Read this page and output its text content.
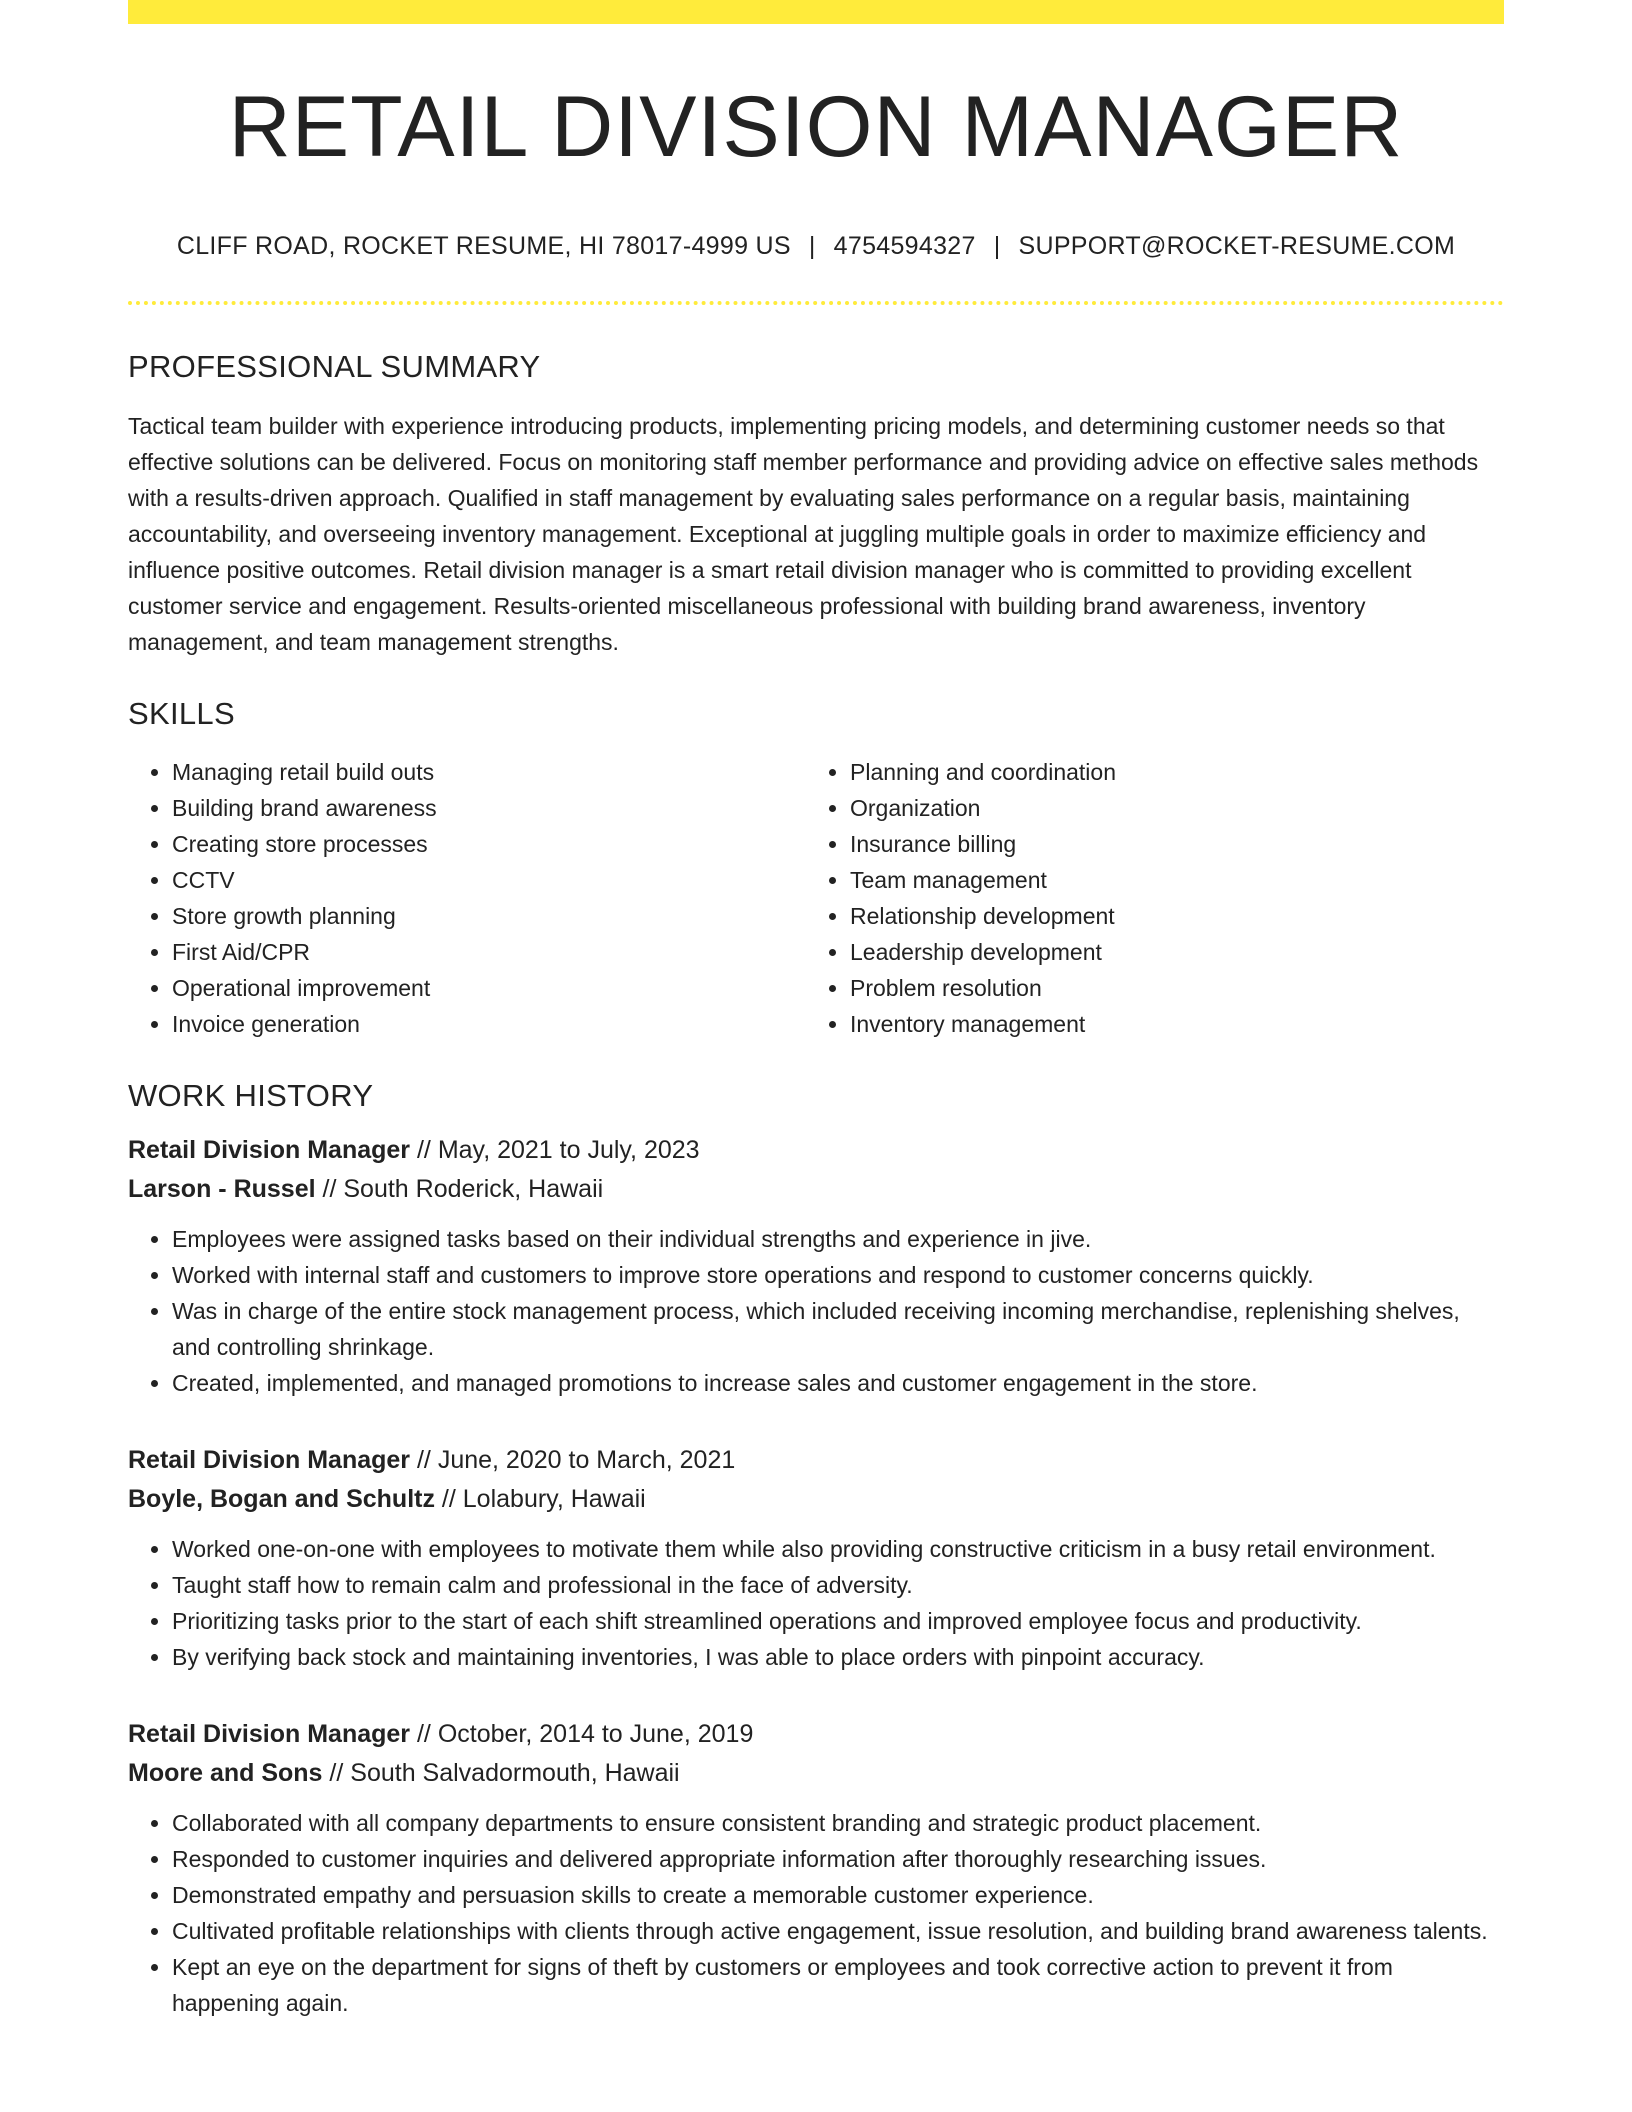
RETAIL DIVISION MANAGER
CLIFF ROAD, ROCKET RESUME, HI 78017-4999 US | 4754594327 | SUPPORT@ROCKET-RESUME.COM
PROFESSIONAL SUMMARY

Tactical team builder with experience introducing products, implementing pricing models, and determining customer needs so that effective solutions can be delivered. Focus on monitoring staff member performance and providing advice on effective sales methods with a results-driven approach. Qualified in staff management by evaluating sales performance on a regular basis, maintaining accountability, and overseeing inventory management. Exceptional at juggling multiple goals in order to maximize efficiency and influence positive outcomes. Retail division manager is a smart retail division manager who is committed to providing excellent customer service and engagement. Results-oriented miscellaneous professional with building brand awareness, inventory management, and team management strengths.

SKILLS
• Managing retail build outs
• Building brand awareness
• Creating store processes
• CCTV
• Store growth planning
• First Aid/CPR
• Operational improvement
• Invoice generation
• Planning and coordination
• Organization
• Insurance billing
• Team management
• Relationship development
• Leadership development
• Problem resolution
• Inventory management
WORK HISTORY
Retail Division Manager // May, 2021 to July, 2023
Larson - Russel // South Roderick, Hawaii
• Employees were assigned tasks based on their individual strengths and experience in jive.
• Worked with internal staff and customers to improve store operations and respond to customer concerns quickly.
• Was in charge of the entire stock management process, which included receiving incoming merchandise, replenishing shelves, and controlling shrinkage.
• Created, implemented, and managed promotions to increase sales and customer engagement in the store.
Retail Division Manager // June, 2020 to March, 2021
Boyle, Bogan and Schultz // Lolabury, Hawaii
• Worked one-on-one with employees to motivate them while also providing constructive criticism in a busy retail environment.
• Taught staff how to remain calm and professional in the face of adversity.
• Prioritizing tasks prior to the start of each shift streamlined operations and improved employee focus and productivity.
• By verifying back stock and maintaining inventories, I was able to place orders with pinpoint accuracy.
Retail Division Manager // October, 2014 to June, 2019
Moore and Sons // South Salvadormouth, Hawaii
• Collaborated with all company departments to ensure consistent branding and strategic product placement.
• Responded to customer inquiries and delivered appropriate information after thoroughly researching issues.
• Demonstrated empathy and persuasion skills to create a memorable customer experience.
• Cultivated profitable relationships with clients through active engagement, issue resolution, and building brand awareness talents.
• Kept an eye on the department for signs of theft by customers or employees and took corrective action to prevent it from happening again.
